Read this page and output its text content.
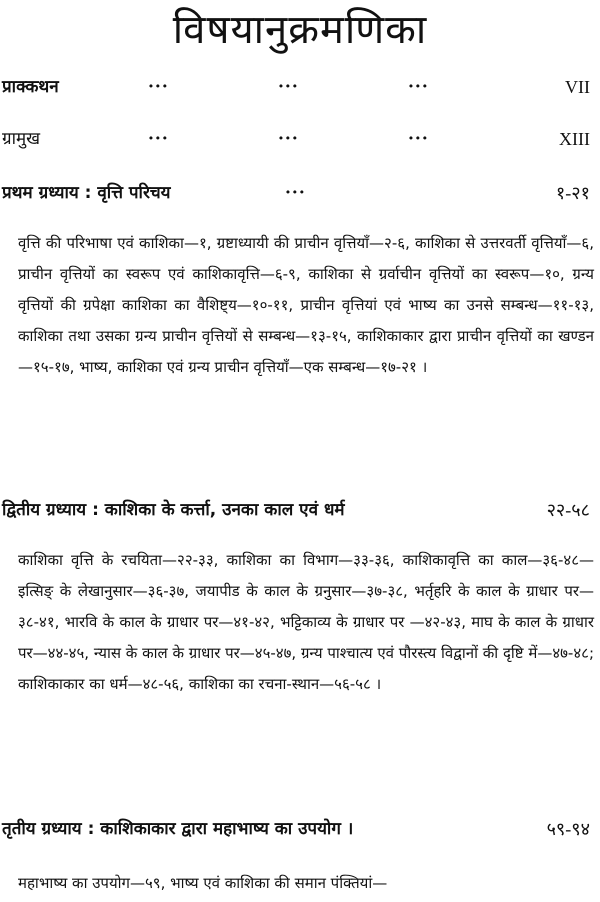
विषयानुक्रमणिका
प्राक्कथन	···	···	···	VII
ग्रामुख	···	···	···	XIII
प्रथम ग्रध्याय : वृत्ति परिचय	···	१-२१

वृत्ति की परिभाषा एवं काशिका—१, ग्रष्टाध्यायी की प्राचीन वृत्तियाँ—२-६, काशिका से उत्तरवर्ती वृत्तियाँ—६, प्राचीन वृत्तियों का स्वरूप एवं काशिकावृत्ति—६-९, काशिका से ग्रर्वाचीन वृत्तियों का स्वरूप—१०, ग्रन्य वृत्तियों की ग्रपेक्षा काशिका का वैशिष्ट्य—१०-११, प्राचीन वृत्तियां एवं भाष्य का उनसे सम्बन्ध—११-१३, काशिका तथा उसका ग्रन्य प्राचीन वृत्तियों से सम्बन्ध—१३-१५, काशिकाकार द्वारा प्राचीन वृत्तियों का खण्डन—१५-१७, भाष्य, काशिका एवं ग्रन्य प्राचीन वृत्तियाँ—एक सम्बन्ध—१७-२१ ।

द्वितीय ग्रध्याय : काशिका के कर्त्ता, उनका काल एवं धर्म	२२-५८

काशिका वृत्ति के रचयिता—२२-३३, काशिका का विभाग—३३-३६, काशिकावृत्ति का काल—३६-४८—इत्सिङ् के लेखानुसार—३६-३७, जयापीड के काल के ग्रनुसार—३७-३८, भर्तृहरि के काल के ग्राधार पर—३८-४१, भारवि के काल के ग्राधार पर—४१-४२, भट्टिकाव्य के ग्राधार पर —४२-४३, माघ के काल के ग्राधार पर—४४-४५, न्यास के काल के ग्राधार पर—४५-४७, ग्रन्य पाश्चात्य एवं पौरस्त्य विद्वानों की दृष्टि में—४७-४८; काशिकाकार का धर्म—४८-५६, काशिका का रचना-स्थान—५६-५८ ।

तृतीय ग्रध्याय : काशिकाकार द्वारा महाभाष्य का उपयोग ।	५९-९४

महाभाष्य का उपयोग—५९, भाष्य एवं काशिका की समान पंक्तियां—
